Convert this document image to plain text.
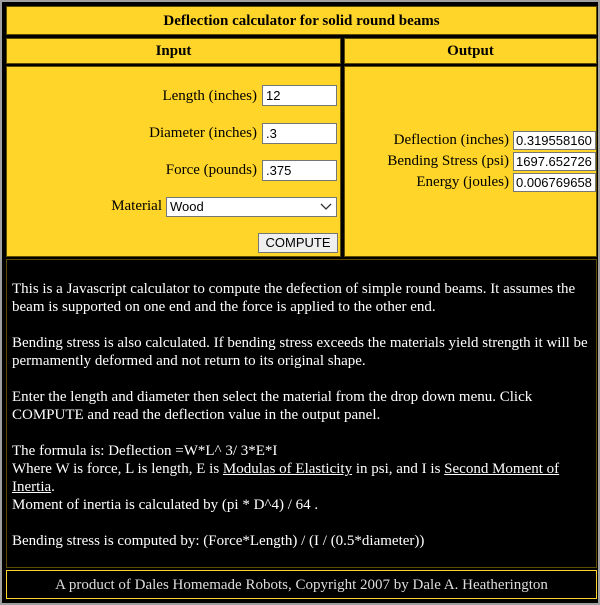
Deflection calculator for solid round beams
Input	Output
Length (inches) 12
Diameter (inches) .3
Force (pounds) .375
Material Wood
COMPUTE
Deflection (inches) 0.319558160
Bending Stress (psi) 1697.652726
Energy (joules) 0.006769658

This is a Javascript calculator to compute the defection of simple round beams. It assumes the beam is supported on one end and the force is applied to the other end.

Bending stress is also calculated. If bending stress exceeds the materials yield strength it will be permamently deformed and not return to its original shape.

Enter the length and diameter then select the material from the drop down menu. Click COMPUTE and read the deflection value in the output panel.

The formula is: Deflection =W*L^ 3/ 3*E*I
Where W is force, L is length, E is Modulas of Elasticity in psi, and I is Second Moment of Inertia.
Moment of inertia is calculated by (pi * D^4) / 64 .

Bending stress is computed by: (Force*Length) / (I / (0.5*diameter))

A product of Dales Homemade Robots, Copyright 2007 by Dale A. Heatherington
